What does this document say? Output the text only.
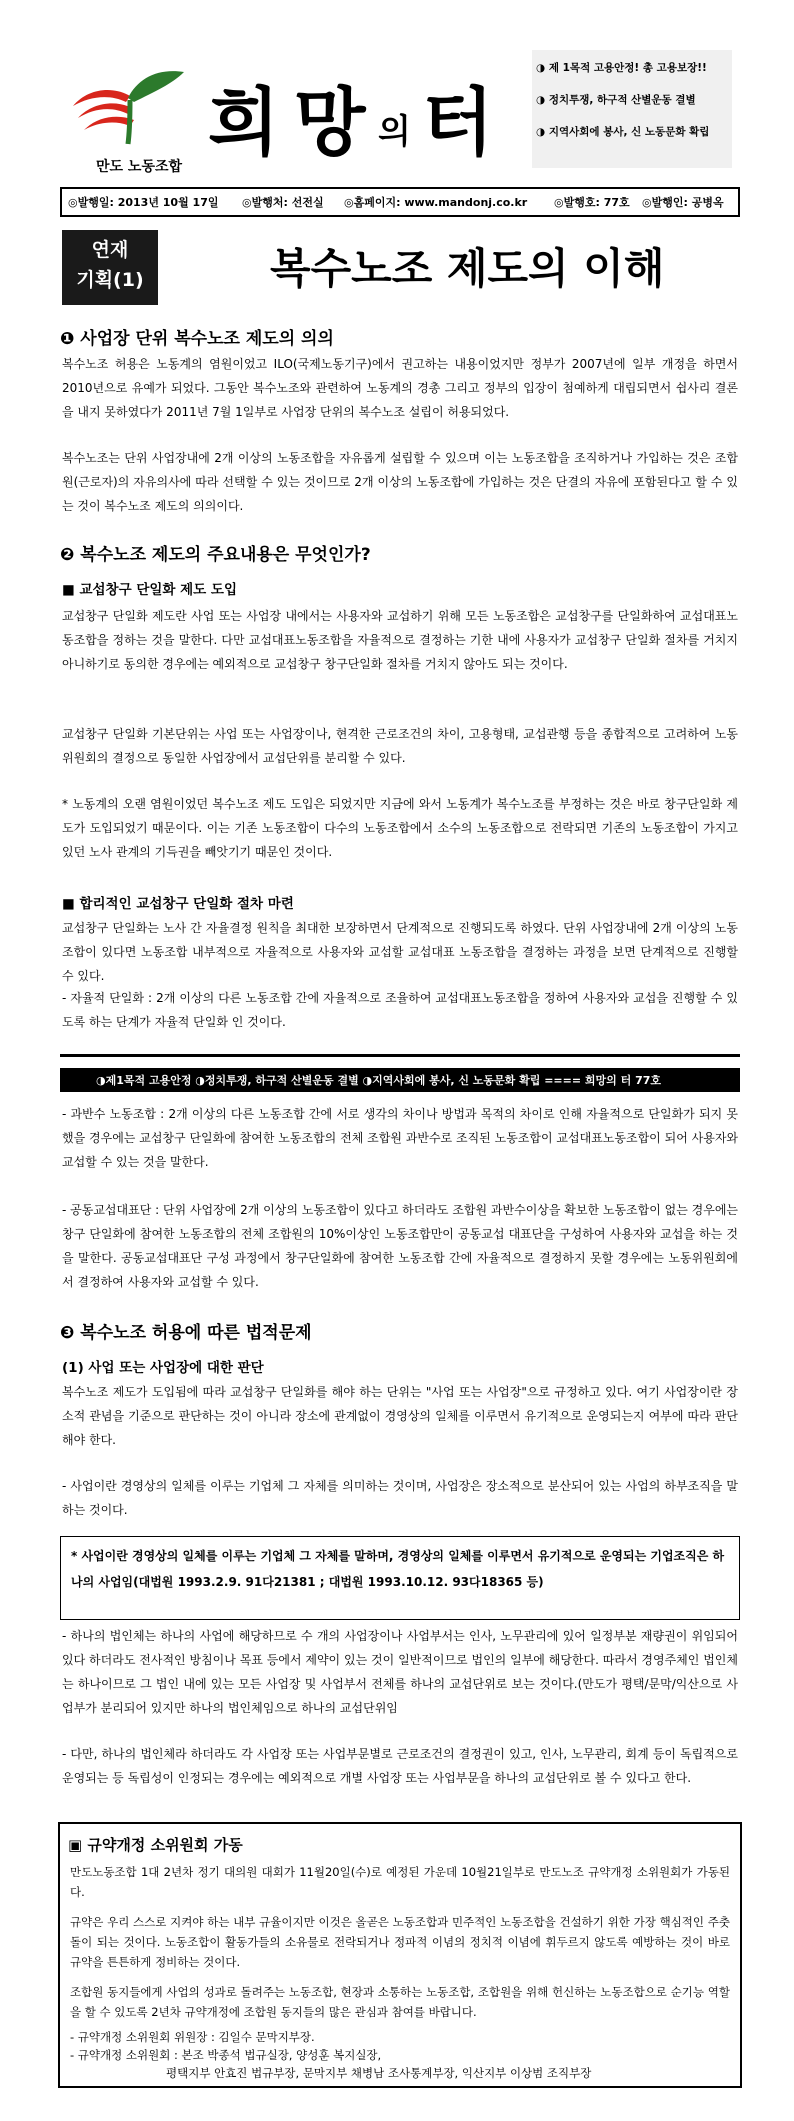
만도 노동조합
희 망 의 터
◑ 제 1목적 고용안정! 총 고용보장!!
◑ 정치투쟁, 하구적 산별운동 결별
◑ 지역사회에 봉사, 신 노동문화 확립
◎발행일: 2013년 10월 17일 ◎발행처: 선전실 ◎홈페이지: www.mandonj.co.kr ◎발행호: 77호 ◎발행인: 공병옥
연재
기획(1)	복수노조 제도의 이해
❶ 사업장 단위 복수노조 제도의 의의

복수노조 허용은 노동계의 염원이었고 ILO(국제노동기구)에서 권고하는 내용이었지만 정부가 2007년에 일부 개정을 하면서 2010년으로 유예가 되었다. 그동안 복수노조와 관련하여 노동계의 경총 그리고 정부의 입장이 첨예하게 대립되면서 쉽사리 결론을 내지 못하였다가 2011년 7월 1일부로 사업장 단위의 복수노조 설립이 허용되었다.

복수노조는 단위 사업장내에 2개 이상의 노동조합을 자유롭게 설립할 수 있으며 이는 노동조합을 조직하거나 가입하는 것은 조합원(근로자)의 자유의사에 따라 선택할 수 있는 것이므로 2개 이상의 노동조합에 가입하는 것은 단결의 자유에 포함된다고 할 수 있는 것이 복수노조 제도의 의의이다.

❷ 복수노조 제도의 주요내용은 무엇인가?
■ 교섭창구 단일화 제도 도입

교섭창구 단일화 제도란 사업 또는 사업장 내에서는 사용자와 교섭하기 위해 모든 노동조합은 교섭창구를 단일화하여 교섭대표노동조합을 정하는 것을 말한다. 다만 교섭대표노동조합을 자율적으로 결정하는 기한 내에 사용자가 교섭창구 단일화 절차를 거치지 아니하기로 동의한 경우에는 예외적으로 교섭창구 창구단일화 절차를 거치지 않아도 되는 것이다.

교섭창구 단일화 기본단위는 사업 또는 사업장이나, 현격한 근로조건의 차이, 고용형태, 교섭관행 등을 종합적으로 고려하여 노동위원회의 결정으로 동일한 사업장에서 교섭단위를 분리할 수 있다.

* 노동계의 오랜 염원이었던 복수노조 제도 도입은 되었지만 지금에 와서 노동계가 복수노조를 부정하는 것은 바로 창구단일화 제도가 도입되었기 때문이다. 이는 기존 노동조합이 다수의 노동조합에서 소수의 노동조합으로 전락되면 기존의 노동조합이 가지고 있던 노사 관계의 기득권을 빼앗기기 때문인 것이다.

■ 합리적인 교섭창구 단일화 절차 마련

교섭창구 단일화는 노사 간 자율결정 원칙을 최대한 보장하면서 단계적으로 진행되도록 하였다. 단위 사업장내에 2개 이상의 노동조합이 있다면 노동조합 내부적으로 자율적으로 사용자와 교섭할 교섭대표 노동조합을 결정하는 과정을 보면 단계적으로 진행할 수 있다.

- 자율적 단일화 : 2개 이상의 다른 노동조합 간에 자율적으로 조율하여 교섭대표노동조합을 정하여 사용자와 교섭을 진행할 수 있도록 하는 단계가 자율적 단일화 인 것이다.

◑제1목적 고용안정 ◑정치투쟁, 하구적 산별운동 결별 ◑지역사회에 봉사, 신 노동문화 확립 ==== 희망의 터 77호

- 과반수 노동조합 : 2개 이상의 다른 노동조합 간에 서로 생각의 차이나 방법과 목적의 차이로 인해 자율적으로 단일화가 되지 못했을 경우에는 교섭창구 단일화에 참여한 노동조합의 전체 조합원 과반수로 조직된 노동조합이 교섭대표노동조합이 되어 사용자와 교섭할 수 있는 것을 말한다.

- 공동교섭대표단 : 단위 사업장에 2개 이상의 노동조합이 있다고 하더라도 조합원 과반수이상을 확보한 노동조합이 없는 경우에는 창구 단일화에 참여한 노동조합의 전체 조합원의 10%이상인 노동조합만이 공동교섭 대표단을 구성하여 사용자와 교섭을 하는 것을 말한다. 공동교섭대표단 구성 과정에서 창구단일화에 참여한 노동조합 간에 자율적으로 결정하지 못할 경우에는 노동위원회에서 결정하여 사용자와 교섭할 수 있다.

❸ 복수노조 허용에 따른 법적문제
(1) 사업 또는 사업장에 대한 판단

복수노조 제도가 도입됨에 따라 교섭창구 단일화를 해야 하는 단위는 "사업 또는 사업장"으로 규정하고 있다. 여기 사업장이란 장소적 관념을 기준으로 판단하는 것이 아니라 장소에 관계없이 경영상의 일체를 이루면서 유기적으로 운영되는지 여부에 따라 판단해야 한다.

- 사업이란 경영상의 일체를 이루는 기업체 그 자체를 의미하는 것이며, 사업장은 장소적으로 분산되어 있는 사업의 하부조직을 말하는 것이다.

* 사업이란 경영상의 일체를 이루는 기업체 그 자체를 말하며, 경영상의 일체를 이루면서 유기적으로 운영되는 기업조직은 하나의 사업임(대법원 1993.2.9. 91다21381 ; 대법원 1993.10.12. 93다18365 등)

- 하나의 법인체는 하나의 사업에 해당하므로 수 개의 사업장이나 사업부서는 인사, 노무관리에 있어 일정부분 재량권이 위임되어 있다 하더라도 전사적인 방침이나 목표 등에서 제약이 있는 것이 일반적이므로 법인의 일부에 해당한다. 따라서 경영주체인 법인체는 하나이므로 그 법인 내에 있는 모든 사업장 및 사업부서 전체를 하나의 교섭단위로 보는 것이다.(만도가 평택/문막/익산으로 사업부가 분리되어 있지만 하나의 법인체임으로 하나의 교섭단위임

- 다만, 하나의 법인체라 하더라도 각 사업장 또는 사업부문별로 근로조건의 결정권이 있고, 인사, 노무관리, 회계 등이 독립적으로 운영되는 등 독립성이 인정되는 경우에는 예외적으로 개별 사업장 또는 사업부문을 하나의 교섭단위로 볼 수 있다고 한다.

▣ 규약개정 소위원회 가동

만도노동조합 1대 2년차 정기 대의원 대회가 11월20일(수)로 예정된 가운데 10월21일부로 만도노조 규약개정 소위원회가 가동된다.

규약은 우리 스스로 지켜야 하는 내부 규율이지만 이것은 올곧은 노동조합과 민주적인 노동조합을 건설하기 위한 가장 핵심적인 주춧돌이 되는 것이다. 노동조합이 활동가들의 소유물로 전락되거나 정파적 이념의 정치적 이념에 휘두르지 않도록 예방하는 것이 바로 규약을 튼튼하게 정비하는 것이다.

조합원 동지들에게 사업의 성과로 돌려주는 노동조합, 현장과 소통하는 노동조합, 조합원을 위해 헌신하는 노동조합으로 순기능 역할을 할 수 있도록 2년차 규약개정에 조합원 동지들의 많은 관심과 참여를 바랍니다.

- 규약개정 소위원회 위원장 : 김일수 문막지부장.
- 규약개정 소위원회 : 본조 박종석 법규실장, 양성훈 복지실장,
평택지부 안효진 법규부장, 문막지부 채병남 조사통계부장, 익산지부 이상범 조직부장
